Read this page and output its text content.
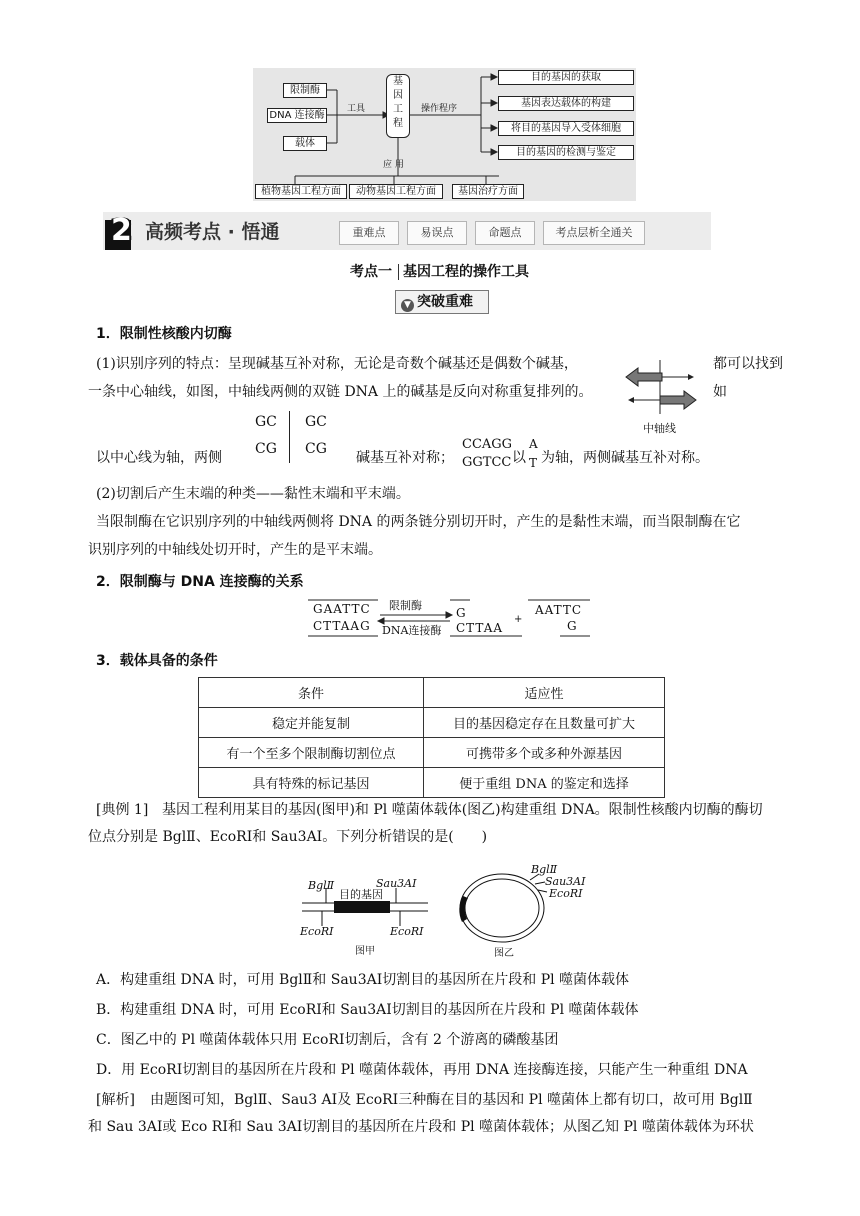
限制酶
DNA 连接酶
载体
工具
基
因
工
程
操作程序
目的基因的获取
基因表达载体的构建
将目的基因导入受体细胞
目的基因的检测与鉴定
应 用
植物基因工程方面	动物基因工程方面	基因治疗方面
2 高频考点 · 悟通	重难点	易误点	命题点	考点层析全通关
考点一 基因工程的操作工具
▼ 突破重难
1．限制性核酸内切酶
(1)识别序列的特点：呈现碱基互补对称，无论是奇数个碱基还是偶数个碱基，	都可以找到
一条中心轴线，如图，中轴线两侧的双链 DNA 上的碱基是反向对称重复排列的。	如
中轴线
GC GC
CG CG
以中心线为轴，两侧	碱基互补对称；
CCAGG
GGTCC 以
A
T 为轴，两侧碱基互补对称。
(2)切割后产生末端的种类——黏性末端和平末端。
当限制酶在它识别序列的中轴线两侧将 DNA 的两条链分别切开时，产生的是黏性末端，而当限制酶在它
识别序列的中轴线处切开时，产生的是平末端。
2．限制酶与 DNA 连接酶的关系
GAATTC
CTTAAG
限制酶
DNA连接酶
G
CTTAA
+
AATTC
G
3．载体具备的条件
条件	适应性
稳定并能复制	目的基因稳定存在且数量可扩大
有一个至多个限制酶切割位点	可携带多个或多种外源基因
具有特殊的标记基因	便于重组 DNA 的鉴定和选择
[典例 1] 基因工程利用某目的基因(图甲)和 Pl 噬菌体载体(图乙)构建重组 DNA。限制性核酸内切酶的酶切
位点分别是 BglⅡ、EcoRⅠ和 Sau3AⅠ。下列分析错误的是(　　)
BglⅡ
目的基因
Sau3AⅠ
EcoRⅠ	EcoRⅠ
图甲
BglⅡ
Sau3AⅠ
EcoRⅠ
图乙
A．构建重组 DNA 时，可用 BglⅡ和 Sau3AⅠ切割目的基因所在片段和 Pl 噬菌体载体
B．构建重组 DNA 时，可用 EcoRⅠ和 Sau3AⅠ切割目的基因所在片段和 Pl 噬菌体载体
C．图乙中的 Pl 噬菌体载体只用 EcoRⅠ切割后，含有 2 个游离的磷酸基团
D．用 EcoRⅠ切割目的基因所在片段和 Pl 噬菌体载体，再用 DNA 连接酶连接，只能产生一种重组 DNA
[解析] 由题图可知，BglⅡ、Sau3 AⅠ及 EcoRⅠ三种酶在目的基因和 Pl 噬菌体上都有切口，故可用 BglⅡ
和 Sau 3AⅠ或 Eco RⅠ和 Sau 3AⅠ切割目的基因所在片段和 Pl 噬菌体载体；从图乙知 Pl 噬菌体载体为环状
